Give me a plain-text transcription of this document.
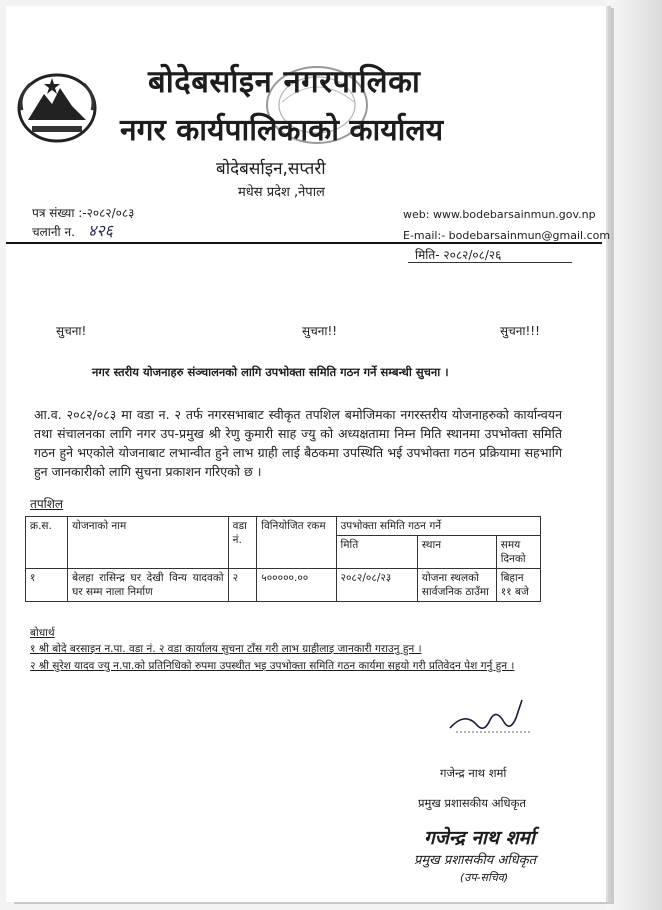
बोदेबर्साइन नगरपालिका
नगर कार्यपालिकाको कार्यालय
बोदेबर्साइन,सप्तरी
मधेस प्रदेश ,नेपाल
पत्र संख्या :-२०८२/०८३
चलानी न. ४२६
web: www.bodebarsainmun.gov.np
E-mail:- bodebarsainmun@gmail.com
मिति- २०८२/०८/२६
सुचना!	सुचना!!	सुचना!!!
नगर स्तरीय योजनाहरु संञ्चालनको लागि उपभोक्ता समिति गठन गर्ने सम्बन्धी सुचना ।
आ.व. २०८२/०८३ मा वडा न. २ तर्फ नगरसभाबाट स्वीकृत तपशिल बमोजिमका नगरस्तरीय योजनाहरुको कार्यान्वयन तथा संचालनका लागि नगर उप-प्रमुख श्री रेणु कुमारी साह ज्यु को अध्यक्षतामा निम्न मिति स्थानमा उपभोक्ता समिति गठन हुने भएकोले योजनाबाट लभान्वीत हुने लाभ ग्राही लाई बैठकमा उपस्थिति भई उपभोक्ता गठन प्रक्रियामा सहभागि हुन जानकारीको लागि सुचना प्रकाशन गरिएको छ ।
तपशिल
क्र.स.	योजनाको नाम	वडा नं.	विनियोजित रकम	उपभोक्ता समिति गठन गर्ने		
				मिति	स्थान	समय दिनको
१	बेलहा रासिन्द्र घर देखी विन्य यादवको घर सम्म नाला निर्माण	२	५०००००.००	२०८२/०८/२३	योजना स्थलको सार्वजनिक ठाउँमा	बिहान ११ बजे
बोधार्थ
१ श्री बोदे बरसाइन न.पा. वडा नं. २ वडा कार्यालय सुचना टाँस गरी लाभ ग्राहीलाइ जानकारी गराउनु हुन ।
२ श्री सुरेश यादव ज्यु न.पा.को प्रतिनिधिको रुपमा उपस्थीत भइ उपभोक्ता समिति गठन कार्यमा सहयो गरी प्रतिवेदन पेश गर्नु हुन ।
गजेन्द्र नाथ शर्मा
प्रमुख प्रशासकीय अधिकृत
गजेन्द्र नाथ शर्मा
प्रमुख प्रशासकीय अधिकृत
(उप-सचिव)
